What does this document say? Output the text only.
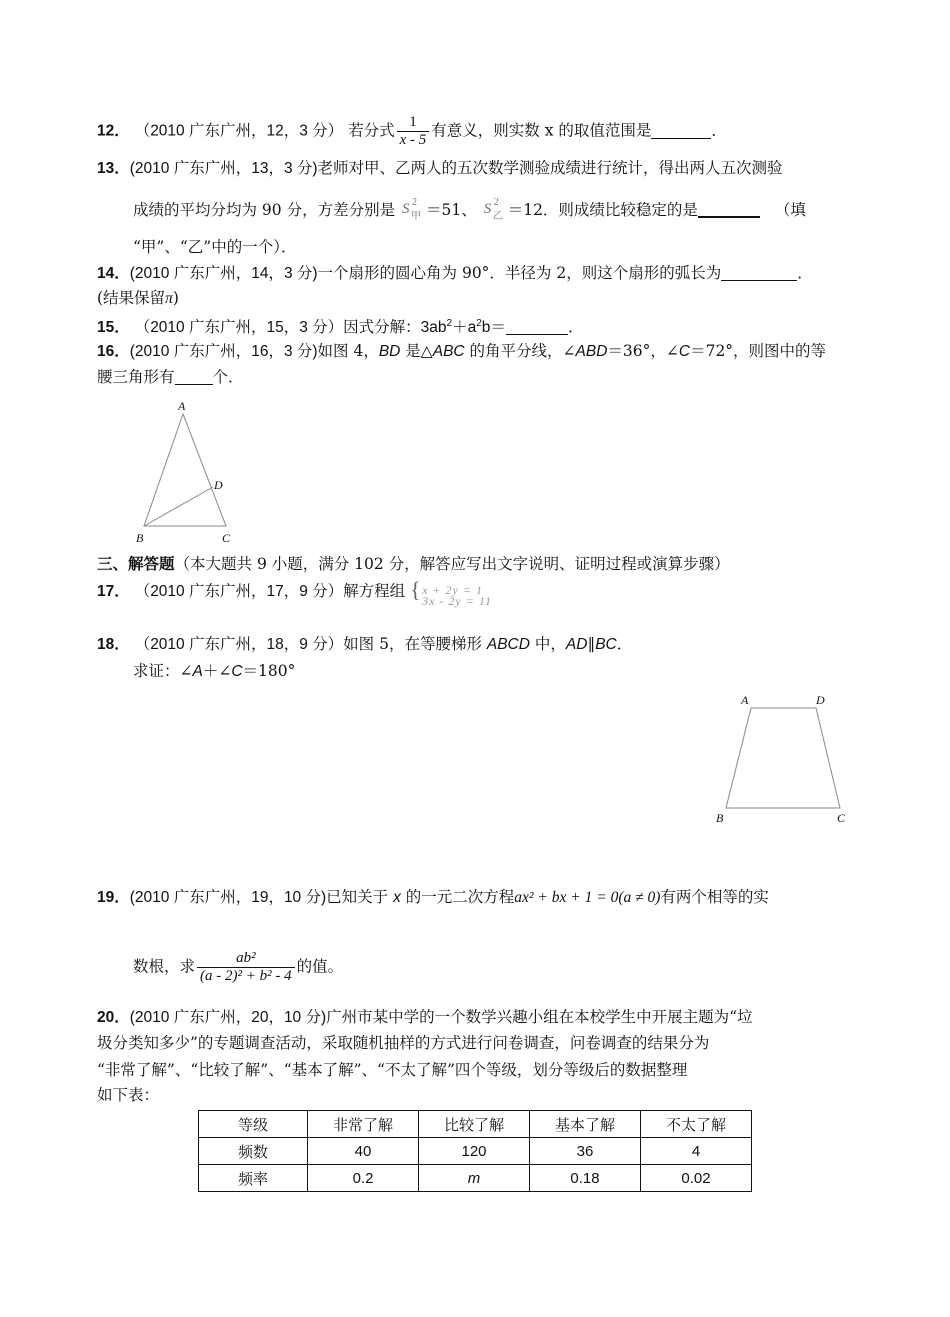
12． （2010 广东广州，12，3 分） 若分式 $\frac{1}{x - 5}$ 有意义，则实数 x 的取值范围是	．
13．(2010 广东广州，13，3 分)老师对甲、乙两人的五次数学测验成绩进行统计，得出两人五次测验
成绩的平均分均为 90 分，方差分别是 S 2
甲 ＝51、 S 2
乙 ＝12．则成绩比较稳定的是	（填
“甲”、“乙”中的一个）．
14．(2010 广东广州，14，3 分)一个扇形的圆心角为 90°．半径为 2，则这个扇形的弧长为	．
(结果保留π)
15． （2010 广东广州，15，3 分）因式分解：$3ab^2+a^2b=$	．
16．(2010 广东广州，16，3 分)如图 4，BD 是△ABC 的角平分线，∠ABD＝36°，∠C＝72°，则图中的等
腰三角形有 个．
A
B	C
D
三、解答题（本大题共 9 小题，满分 102 分，解答应写出文字说明、证明过程或演算步骤）
17． （2010 广东广州，17，9 分）解方程组 { x + 2y = 1
3x - 2y = 11
18． （2010 广东广州，18，9 分）如图 5，在等腰梯形 ABCD 中，AD∥BC．
求证：∠A＋∠C＝180°
A	D
B	C
19．(2010 广东广州，19，10 分)已知关于 x 的一元二次方程ax² + bx + 1 = 0(a ≠ 0)有两个相等的实
数根，求 $\frac{\text{ab²}}{\text{(a - 2)² + b² - 4}}$ 的值。
20．(2010 广东广州，20，10 分)广州市某中学的一个数学兴趣小组在本校学生中开展主题为“垃
圾分类知多少”的专题调查活动，采取随机抽样的方式进行问卷调查，问卷调查的结果分为
“非常了解”、“比较了解”、“基本了解”、“不太了解”四个等级，划分等级后的数据整理
如下表：
等级	非常了解	比较了解	基本了解	不太了解
频数	40	120	36	4
频率	0.2	m	0.18	0.02
